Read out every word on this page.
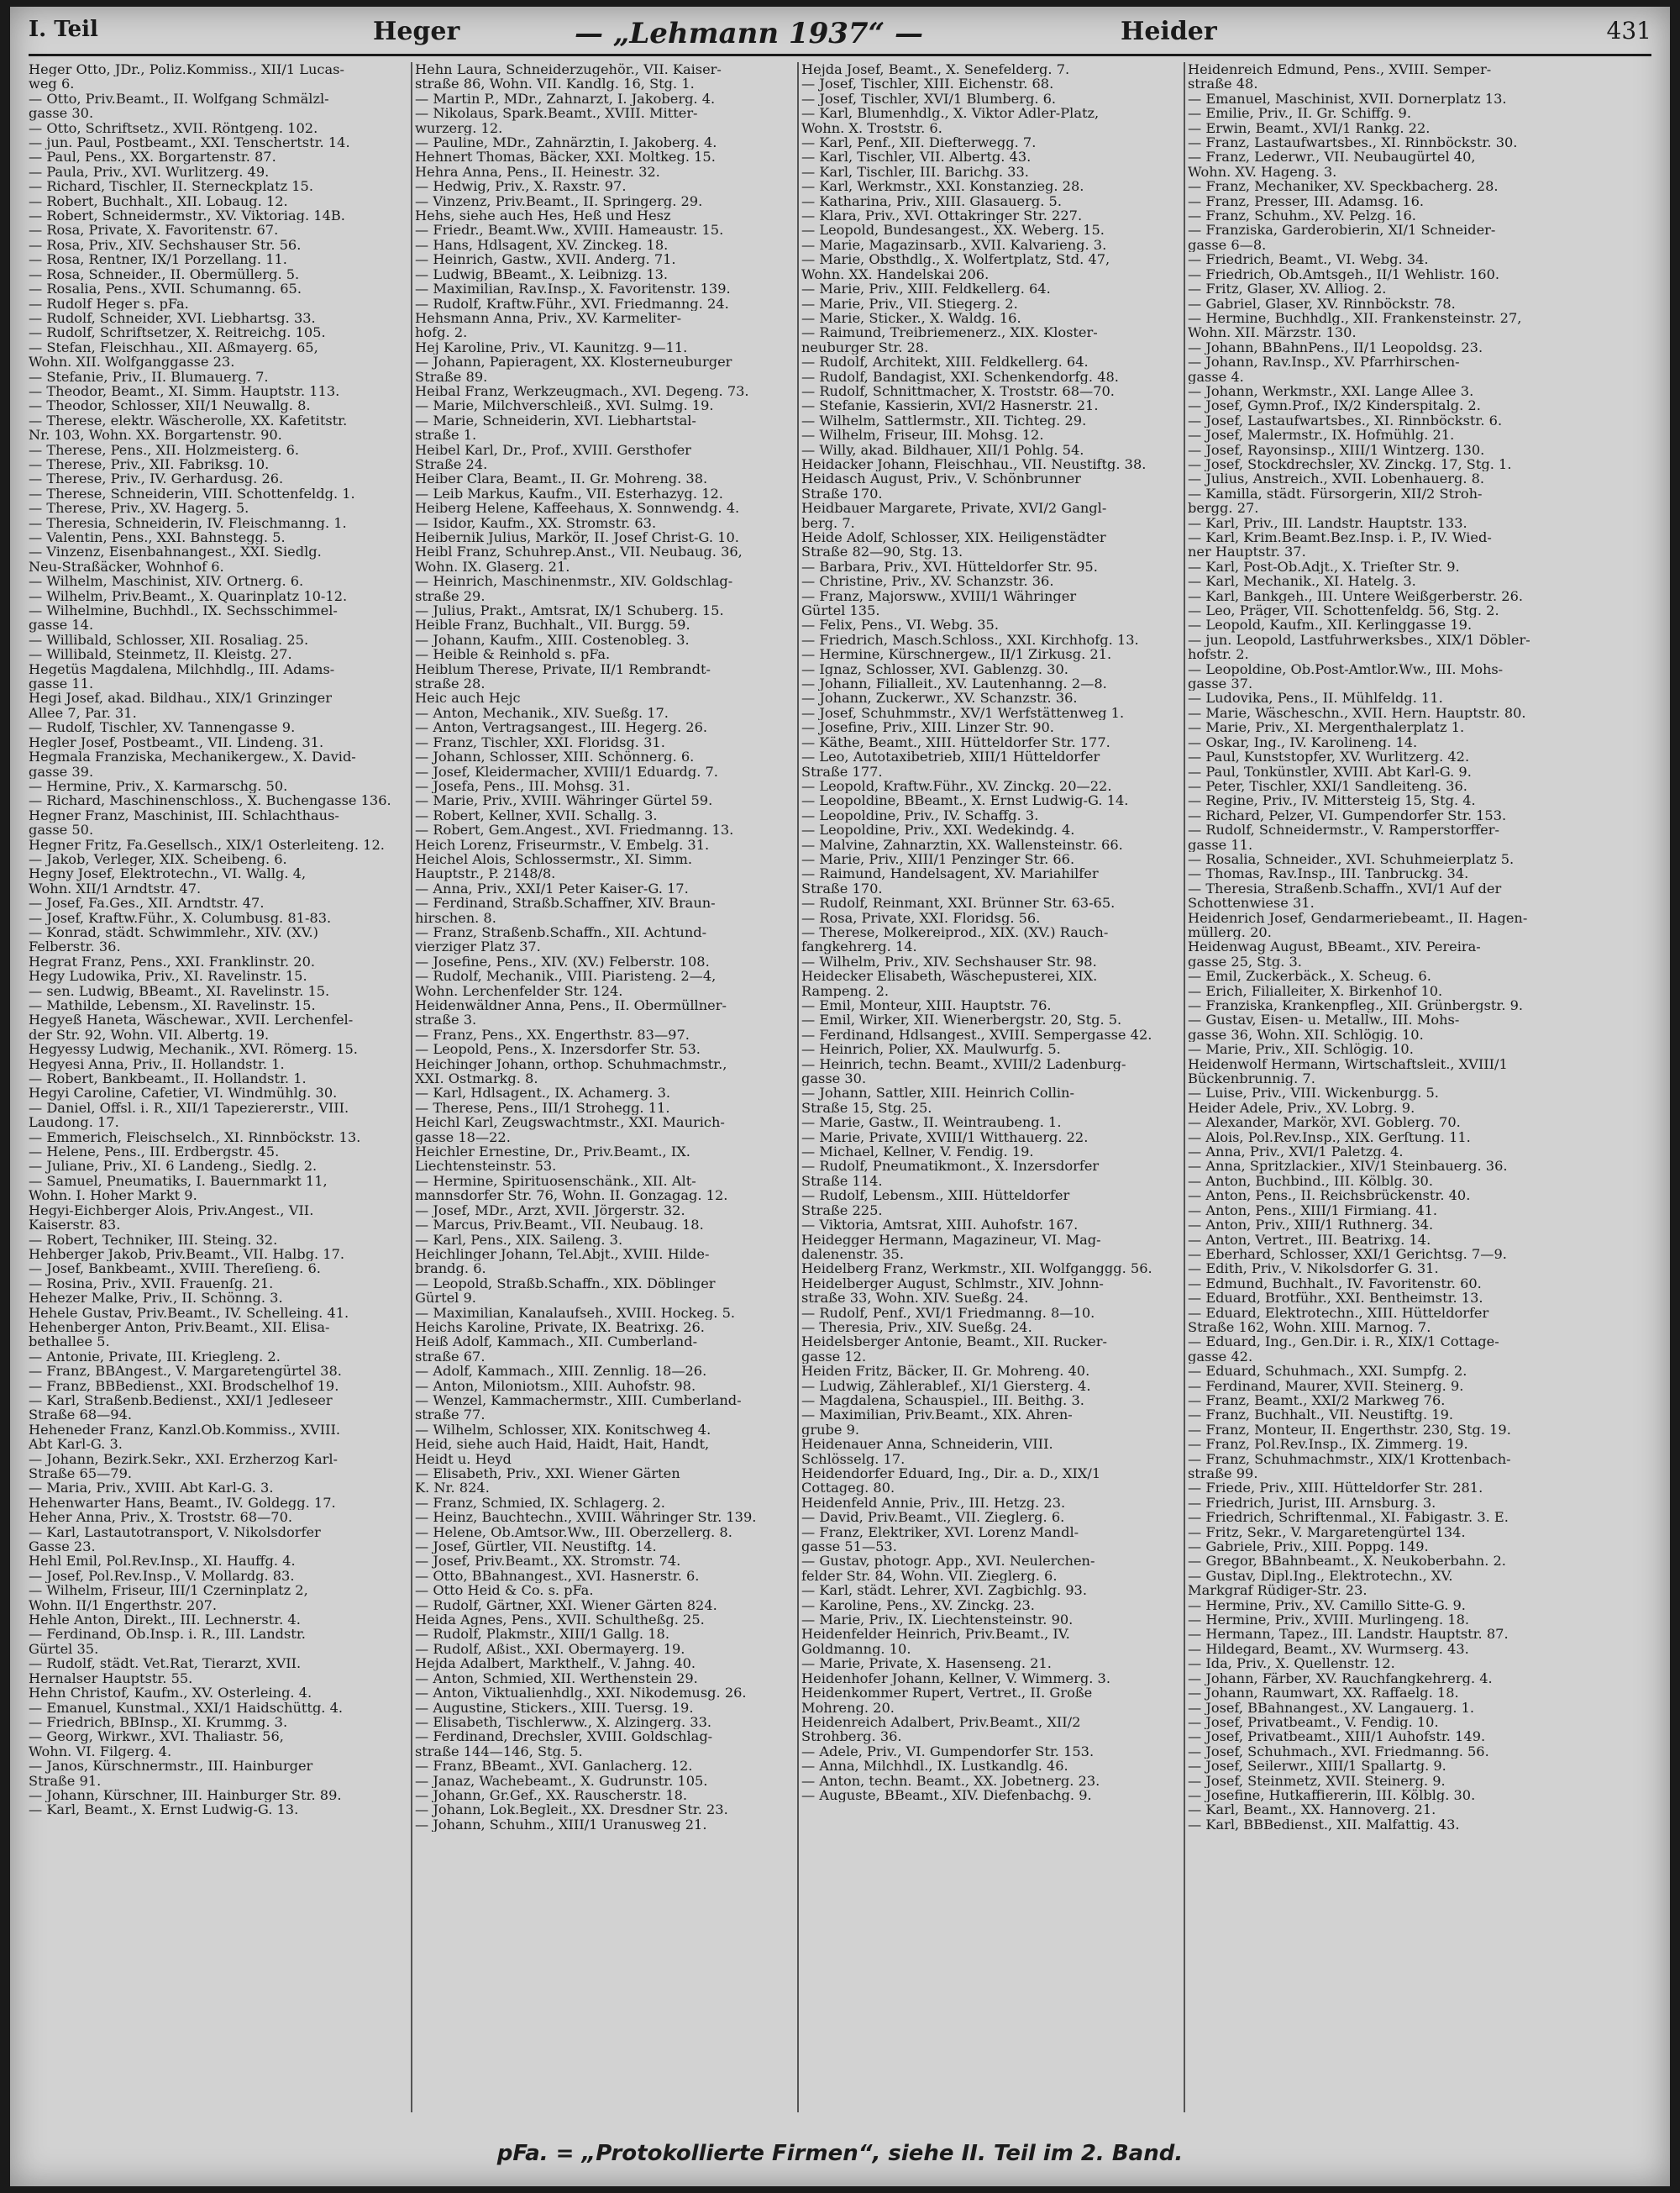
I. Teil	Heger	— „Lehmann 1937“ —	Heider	431
Heger Otto, JDr., Poliz.Kommiss., XII/1 Lucas-
weg 6.
— Otto, Priv.Beamt., II. Wolfgang Schmälzl-
gasse 30.
— Otto, Schriftsetz., XVII. Röntgeng. 102.
— jun. Paul, Postbeamt., XXI. Tenschertstr. 14.
— Paul, Pens., XX. Borgartenstr. 87.
— Paula, Priv., XVI. Wurlitzerg. 49.
— Richard, Tischler, II. Sterneckplatz 15.
— Robert, Buchhalt., XII. Lobaug. 12.
— Robert, Schneidermstr., XV. Viktoriag. 14B.
— Rosa, Private, X. Favoritenstr. 67.
— Rosa, Priv., XIV. Sechshauser Str. 56.
— Rosa, Rentner, IX/1 Porzellang. 11.
— Rosa, Schneider., II. Obermüllerg. 5.
— Rosalia, Pens., XVII. Schumanng. 65.
— Rudolf Heger s. pFa.
— Rudolf, Schneider, XVI. Liebhartsg. 33.
— Rudolf, Schriftsetzer, X. Reitreichg. 105.
— Stefan, Fleischhau., XII. Aßmayerg. 65,
Wohn. XII. Wolfganggasse 23.
— Stefanie, Priv., II. Blumauerg. 7.
— Theodor, Beamt., XI. Simm. Hauptstr. 113.
— Theodor, Schlosser, XII/1 Neuwallg. 8.
— Therese, elektr. Wäscherolle, XX. Kafetitstr.
Nr. 103, Wohn. XX. Borgartenstr. 90.
— Therese, Pens., XII. Holzmeisterg. 6.
— Therese, Priv., XII. Fabriksg. 10.
— Therese, Priv., IV. Gerhardusg. 26.
— Therese, Schneiderin, VIII. Schottenfeldg. 1.
— Therese, Priv., XV. Hagerg. 5.
— Theresia, Schneiderin, IV. Fleischmanng. 1.
— Valentin, Pens., XXI. Bahnstegg. 5.
— Vinzenz, Eisenbahnangest., XXI. Siedlg.
Neu-Straßäcker, Wohnhof 6.
— Wilhelm, Maschinist, XIV. Ortnerg. 6.
— Wilhelm, Priv.Beamt., X. Quarinplatz 10-12.
— Wilhelmine, Buchhdl., IX. Sechsschimmel-
gasse 14.
— Willibald, Schlosser, XII. Rosaliag. 25.
— Willibald, Steinmetz, II. Kleistg. 27.
Hegetüs Magdalena, Milchhdlg., III. Adams-
gasse 11.
Hegi Josef, akad. Bildhau., XIX/1 Grinzinger
Allee 7, Par. 31.
— Rudolf, Tischler, XV. Tannengasse 9.
Hegler Josef, Postbeamt., VII. Lindeng. 31.
Hegmala Franziska, Mechanikergew., X. David-
gasse 39.
— Hermine, Priv., X. Karmarschg. 50.
— Richard, Maschinenschloss., X. Buchengasse 136.
Hegner Franz, Maschinist, III. Schlachthaus-
gasse 50.
Hegner Fritz, Fa.Gesellsch., XIX/1 Osterleiteng. 12.
— Jakob, Verleger, XIX. Scheibeng. 6.
Hegny Josef, Elektrotechn., VI. Wallg. 4,
Wohn. XII/1 Arndtstr. 47.
— Josef, Fa.Ges., XII. Arndtstr. 47.
— Josef, Kraftw.Führ., X. Columbusg. 81-83.
— Konrad, städt. Schwimmlehr., XIV. (XV.)
Felberstr. 36.
Hegrat Franz, Pens., XXI. Franklinstr. 20.
Hegy Ludowika, Priv., XI. Ravelinstr. 15.
— sen. Ludwig, BBeamt., XI. Ravelinstr. 15.
— Mathilde, Lebensm., XI. Ravelinstr. 15.
Hegyeß Haneta, Wäschewar., XVII. Lerchenfel-
der Str. 92, Wohn. VII. Albertg. 19.
Hegyessy Ludwig, Mechanik., XVI. Römerg. 15.
Hegyesi Anna, Priv., II. Hollandstr. 1.
— Robert, Bankbeamt., II. Hollandstr. 1.
Hegyi Caroline, Cafetier, VI. Windmühlg. 30.
— Daniel, Offsl. i. R., XII/1 Tapeziererstr., VIII.
Laudong. 17.
— Emmerich, Fleischselch., XI. Rinnböckstr. 13.
— Helene, Pens., III. Erdbergstr. 45.
— Juliane, Priv., XI. 6 Landeng., Siedlg. 2.
— Samuel, Pneumatiks, I. Bauernmarkt 11,
Wohn. I. Hoher Markt 9.
Hegyi-Eichberger Alois, Priv.Angest., VII.
Kaiserstr. 83.
— Robert, Techniker, III. Steing. 32.
Hehberger Jakob, Priv.Beamt., VII. Halbg. 17.
— Josef, Bankbeamt., XVIII. Thereſieng. 6.
— Rosina, Priv., XVII. Frauenſg. 21.
Hehezer Malke, Priv., II. Schönng. 3.
Hehele Gustav, Priv.Beamt., IV. Schelleing. 41.
Hehenberger Anton, Priv.Beamt., XII. Elisa-
bethallee 5.
— Antonie, Private, III. Kriegleng. 2.
— Franz, BBAngest., V. Margaretengürtel 38.
— Franz, BBBedienst., XXI. Brodschelhof 19.
— Karl, Straßenb.Bedienst., XXI/1 Jedleseer
Straße 68—94.
Heheneder Franz, Kanzl.Ob.Kommiss., XVIII.
Abt Karl-G. 3.
— Johann, Bezirk.Sekr., XXI. Erzherzog Karl-
Straße 65—79.
— Maria, Priv., XVIII. Abt Karl-G. 3.
Hehenwarter Hans, Beamt., IV. Goldegg. 17.
Heher Anna, Priv., X. Troststr. 68—70.
— Karl, Lastautotransport, V. Nikolsdorfer
Gasse 23.
Hehl Emil, Pol.Rev.Insp., XI. Hauffg. 4.
— Josef, Pol.Rev.Insp., V. Mollardg. 83.
— Wilhelm, Friseur, III/1 Czerninplatz 2,
Wohn. II/1 Engerthstr. 207.
Hehle Anton, Direkt., III. Lechnerstr. 4.
— Ferdinand, Ob.Insp. i. R., III. Landstr.
Gürtel 35.
— Rudolf, städt. Vet.Rat, Tierarzt, XVII.
Hernalser Hauptstr. 55.
Hehn Christof, Kaufm., XV. Osterleing. 4.
— Emanuel, Kunstmal., XXI/1 Haidschüttg. 4.
— Friedrich, BBInsp., XI. Krummg. 3.
— Georg, Wirkwr., XVI. Thaliastr. 56,
Wohn. VI. Filgerg. 4.
— Janos, Kürschnermstr., III. Hainburger
Straße 91.
— Johann, Kürschner, III. Hainburger Str. 89.
— Karl, Beamt., X. Ernst Ludwig-G. 13.
Hehn Laura, Schneiderzugehör., VII. Kaiser-
straße 86, Wohn. VII. Kandlg. 16, Stg. 1.
— Martin P., MDr., Zahnarzt, I. Jakoberg. 4.
— Nikolaus, Spark.Beamt., XVIII. Mitter-
wurzerg. 12.
— Pauline, MDr., Zahnärztin, I. Jakoberg. 4.
Hehnert Thomas, Bäcker, XXI. Moltkeg. 15.
Hehra Anna, Pens., II. Heinestr. 32.
— Hedwig, Priv., X. Raxstr. 97.
— Vinzenz, Priv.Beamt., II. Springerg. 29.
Hehs, siehe auch Hes, Heß und Hesz
— Friedr., Beamt.Ww., XVIII. Hameaustr. 15.
— Hans, Hdlsagent, XV. Zinckeg. 18.
— Heinrich, Gastw., XVII. Anderg. 71.
— Ludwig, BBeamt., X. Leibnizg. 13.
— Maximilian, Rav.Insp., X. Favoritenstr. 139.
— Rudolf, Kraftw.Führ., XVI. Friedmanng. 24.
Hehsmann Anna, Priv., XV. Karmeliter-
hofg. 2.
Hej Karoline, Priv., VI. Kaunitzg. 9—11.
— Johann, Papieragent, XX. Klosterneuburger
Straße 89.
Heibal Franz, Werkzeugmach., XVI. Degeng. 73.
— Marie, Milchverschleiß., XVI. Sulmg. 19.
— Marie, Schneiderin, XVI. Liebhartstal-
straße 1.
Heibel Karl, Dr., Prof., XVIII. Gersthofer
Straße 24.
Heiber Clara, Beamt., II. Gr. Mohreng. 38.
— Leib Markus, Kaufm., VII. Esterhazyg. 12.
Heiberg Helene, Kaffeehaus, X. Sonnwendg. 4.
— Isidor, Kaufm., XX. Stromstr. 63.
Heibernik Julius, Markör, II. Josef Christ-G. 10.
Heibl Franz, Schuhrep.Anst., VII. Neubaug. 36,
Wohn. IX. Glaserg. 21.
— Heinrich, Maschinenmstr., XIV. Goldschlag-
straße 29.
— Julius, Prakt., Amtsrat, IX/1 Schuberg. 15.
Heible Franz, Buchhalt., VII. Burgg. 59.
— Johann, Kaufm., XIII. Costenobleg. 3.
— Heible & Reinhold s. pFa.
Heiblum Therese, Private, II/1 Rembrandt-
straße 28.
Heic auch Hejc
— Anton, Mechanik., XIV. Sueßg. 17.
— Anton, Vertragsangest., III. Hegerg. 26.
— Franz, Tischler, XXI. Floridsg. 31.
— Johann, Schlosser, XIII. Schönnerg. 6.
— Josef, Kleidermacher, XVIII/1 Eduardg. 7.
— Josefa, Pens., III. Mohsg. 31.
— Marie, Priv., XVIII. Währinger Gürtel 59.
— Robert, Kellner, XVII. Schallg. 3.
— Robert, Gem.Angest., XVI. Friedmanng. 13.
Heich Lorenz, Friseurmstr., V. Embelg. 31.
Heichel Alois, Schlossermstr., XI. Simm.
Hauptstr., P. 2148/8.
— Anna, Priv., XXI/1 Peter Kaiser-G. 17.
— Ferdinand, Straßb.Schaffner, XIV. Braun-
hirschen. 8.
— Franz, Straßenb.Schaffn., XII. Achtund-
vierziger Platz 37.
— Josefine, Pens., XIV. (XV.) Felberstr. 108.
— Rudolf, Mechanik., VIII. Piaristeng. 2—4,
Wohn. Lerchenfelder Str. 124.
Heidenwäldner Anna, Pens., II. Obermüllner-
straße 3.
— Franz, Pens., XX. Engerthstr. 83—97.
— Leopold, Pens., X. Inzersdorfer Str. 53.
Heichinger Johann, orthop. Schuhmachmstr.,
XXI. Ostmarkg. 8.
— Karl, Hdlsagent., IX. Achamerg. 3.
— Therese, Pens., III/1 Strohegg. 11.
Heichl Karl, Zeugswachtmstr., XXI. Maurich-
gasse 18—22.
Heichler Ernestine, Dr., Priv.Beamt., IX.
Liechtensteinstr. 53.
— Hermine, Spirituosenschänk., XII. Alt-
mannsdorfer Str. 76, Wohn. II. Gonzagag. 12.
— Josef, MDr., Arzt, XVII. Jörgerstr. 32.
— Marcus, Priv.Beamt., VII. Neubaug. 18.
— Karl, Pens., XIX. Saileng. 3.
Heichlinger Johann, Tel.Abjt., XVIII. Hilde-
brandg. 6.
— Leopold, Straßb.Schaffn., XIX. Döblinger
Gürtel 9.
— Maximilian, Kanalaufseh., XVIII. Hockeg. 5.
Heichs Karoline, Private, IX. Beatrixg. 26.
Heiß Adolf, Kammach., XII. Cumberland-
straße 67.
— Adolf, Kammach., XIII. Zennlig. 18—26.
— Anton, Miloniotsm., XIII. Auhofstr. 98.
— Wenzel, Kammachermstr., XIII. Cumberland-
straße 77.
— Wilhelm, Schlosser, XIX. Konitschweg 4.
Heid, siehe auch Haid, Haidt, Hait, Handt,
Heidt u. Heyd
— Elisabeth, Priv., XXI. Wiener Gärten
K. Nr. 824.
— Franz, Schmied, IX. Schlagerg. 2.
— Heinz, Bauchtechn., XVIII. Währinger Str. 139.
— Helene, Ob.Amtsor.Ww., III. Oberzellerg. 8.
— Josef, Gürtler, VII. Neustiftg. 14.
— Josef, Priv.Beamt., XX. Stromstr. 74.
— Otto, BBahnangest., XVI. Hasnerstr. 6.
— Otto Heid & Co. s. pFa.
— Rudolf, Gärtner, XXI. Wiener Gärten 824.
Heida Agnes, Pens., XVII. Schultheßg. 25.
— Rudolf, Plakmstr., XIII/1 Gallg. 18.
— Rudolf, Aßist., XXI. Obermayerg. 19.
Hejda Adalbert, Markthelf., V. Jahng. 40.
— Anton, Schmied, XII. Werthenstein 29.
— Anton, Viktualienhdlg., XXI. Nikodemusg. 26.
— Augustine, Stickers., XIII. Tuersg. 19.
— Elisabeth, Tischlerww., X. Alzingerg. 33.
— Ferdinand, Drechsler, XVIII. Goldschlag-
straße 144—146, Stg. 5.
— Franz, BBeamt., XVI. Ganlacherg. 12.
— Janaz, Wachebeamt., X. Gudrunstr. 105.
— Johann, Gr.Gef., XX. Rauscherstr. 18.
— Johann, Lok.Begleit., XX. Dresdner Str. 23.
— Johann, Schuhm., XIII/1 Uranusweg 21.
Hejda Josef, Beamt., X. Senefelderg. 7.
— Josef, Tischler, XIII. Eichenstr. 68.
— Josef, Tischler, XVI/1 Blumberg. 6.
— Karl, Blumenhdlg., X. Viktor Adler-Platz,
Wohn. X. Troststr. 6.
— Karl, Penf., XII. Diefterwegg. 7.
— Karl, Tischler, VII. Albertg. 43.
— Karl, Tischler, III. Barichg. 33.
— Karl, Werkmstr., XXI. Konstanzieg. 28.
— Katharina, Priv., XIII. Glasauerg. 5.
— Klara, Priv., XVI. Ottakringer Str. 227.
— Leopold, Bundesangest., XX. Weberg. 15.
— Marie, Magazinsarb., XVII. Kalvarieng. 3.
— Marie, Obsthdlg., X. Wolfertplatz, Std. 47,
Wohn. XX. Handelskai 206.
— Marie, Priv., XIII. Feldkellerg. 64.
— Marie, Priv., VII. Stiegerg. 2.
— Marie, Sticker., X. Waldg. 16.
— Raimund, Treibriemenerz., XIX. Kloster-
neuburger Str. 28.
— Rudolf, Architekt, XIII. Feldkellerg. 64.
— Rudolf, Bandagist, XXI. Schenkendorfg. 48.
— Rudolf, Schnittmacher, X. Troststr. 68—70.
— Stefanie, Kassierin, XVI/2 Hasnerstr. 21.
— Wilhelm, Sattlermstr., XII. Tichteg. 29.
— Wilhelm, Friseur, III. Mohsg. 12.
— Willy, akad. Bildhauer, XII/1 Pohlg. 54.
Heidacker Johann, Fleischhau., VII. Neustiftg. 38.
Heidasch August, Priv., V. Schönbrunner
Straße 170.
Heidbauer Margarete, Private, XVI/2 Gangl-
berg. 7.
Heide Adolf, Schlosser, XIX. Heiligenstädter
Straße 82—90, Stg. 13.
— Barbara, Priv., XVI. Hütteldorfer Str. 95.
— Christine, Priv., XV. Schanzstr. 36.
— Franz, Majorsww., XVIII/1 Währinger
Gürtel 135.
— Felix, Pens., VI. Webg. 35.
— Friedrich, Masch.Schloss., XXI. Kirchhofg. 13.
— Hermine, Kürschnergew., II/1 Zirkusg. 21.
— Ignaz, Schlosser, XVI. Gablenzg. 30.
— Johann, Filialleit., XV. Lautenhanng. 2—8.
— Johann, Zuckerwr., XV. Schanzstr. 36.
— Josef, Schuhmmstr., XV/1 Werfstättenweg 1.
— Josefine, Priv., XIII. Linzer Str. 90.
— Käthe, Beamt., XIII. Hütteldorfer Str. 177.
— Leo, Autotaxibetrieb, XIII/1 Hütteldorfer
Straße 177.
— Leopold, Kraftw.Führ., XV. Zinckg. 20—22.
— Leopoldine, BBeamt., X. Ernst Ludwig-G. 14.
— Leopoldine, Priv., IV. Schaffg. 3.
— Leopoldine, Priv., XXI. Wedekindg. 4.
— Malvine, Zahnarztin, XX. Wallensteinstr. 66.
— Marie, Priv., XIII/1 Penzinger Str. 66.
— Raimund, Handelsagent, XV. Mariahilfer
Straße 170.
— Rudolf, Reinmant, XXI. Brünner Str. 63-65.
— Rosa, Private, XXI. Floridsg. 56.
— Therese, Molkereiprod., XIX. (XV.) Rauch-
fangkehrerg. 14.
— Wilhelm, Priv., XIV. Sechshauser Str. 98.
Heidecker Elisabeth, Wäschepusterei, XIX.
Rampeng. 2.
— Emil, Monteur, XIII. Hauptstr. 76.
— Emil, Wirker, XII. Wienerbergstr. 20, Stg. 5.
— Ferdinand, Hdlsangest., XVIII. Sempergasse 42.
— Heinrich, Polier, XX. Maulwurfg. 5.
— Heinrich, techn. Beamt., XVIII/2 Ladenburg-
gasse 30.
— Johann, Sattler, XIII. Heinrich Collin-
Straße 15, Stg. 25.
— Marie, Gastw., II. Weintraubeng. 1.
— Marie, Private, XVIII/1 Witthauerg. 22.
— Michael, Kellner, V. Fendig. 19.
— Rudolf, Pneumatikmont., X. Inzersdorfer
Straße 114.
— Rudolf, Lebensm., XIII. Hütteldorfer
Straße 225.
— Viktoria, Amtsrat, XIII. Auhofstr. 167.
Heidegger Hermann, Magazineur, VI. Mag-
dalenenstr. 35.
Heidelberg Franz, Werkmstr., XII. Wolfganggg. 56.
Heidelberger August, Schlmstr., XIV. Johnn-
straße 33, Wohn. XIV. Sueßg. 24.
— Rudolf, Penf., XVI/1 Friedmanng. 8—10.
— Theresia, Priv., XIV. Sueßg. 24.
Heidelsberger Antonie, Beamt., XII. Rucker-
gasse 12.
Heiden Fritz, Bäcker, II. Gr. Mohreng. 40.
— Ludwig, Zählerablef., XI/1 Giersterg. 4.
— Magdalena, Schauspiel., III. Beithg. 3.
— Maximilian, Priv.Beamt., XIX. Ahren-
grube 9.
Heidenauer Anna, Schneiderin, VIII.
Schlösselg. 17.
Heidendorfer Eduard, Ing., Dir. a. D., XIX/1
Cottageg. 80.
Heidenfeld Annie, Priv., III. Hetzg. 23.
— David, Priv.Beamt., VII. Zieglerg. 6.
— Franz, Elektriker, XVI. Lorenz Mandl-
gasse 51—53.
— Gustav, photogr. App., XVI. Neulerchen-
felder Str. 84, Wohn. VII. Zieglerg. 6.
— Karl, städt. Lehrer, XVI. Zagbichlg. 93.
— Karoline, Pens., XV. Zinckg. 23.
— Marie, Priv., IX. Liechtensteinstr. 90.
Heidenfelder Heinrich, Priv.Beamt., IV.
Goldmanng. 10.
— Marie, Private, X. Hasenseng. 21.
Heidenhofer Johann, Kellner, V. Wimmerg. 3.
Heidenkommer Rupert, Vertret., II. Große
Mohreng. 20.
Heidenreich Adalbert, Priv.Beamt., XII/2
Strohberg. 36.
— Adele, Priv., VI. Gumpendorfer Str. 153.
— Anna, Milchhdl., IX. Lustkandlg. 46.
— Anton, techn. Beamt., XX. Jobetnerg. 23.
— Auguste, BBeamt., XIV. Diefenbachg. 9.
Heidenreich Edmund, Pens., XVIII. Semper-
straße 48.
— Emanuel, Maschinist, XVII. Dornerplatz 13.
— Emilie, Priv., II. Gr. Schiffg. 9.
— Erwin, Beamt., XVI/1 Rankg. 22.
— Franz, Lastaufwartsbes., XI. Rinnböckstr. 30.
— Franz, Lederwr., VII. Neubaugürtel 40,
Wohn. XV. Hageng. 3.
— Franz, Mechaniker, XV. Speckbacherg. 28.
— Franz, Presser, III. Adamsg. 16.
— Franz, Schuhm., XV. Pelzg. 16.
— Franziska, Garderobierin, XI/1 Schneider-
gasse 6—8.
— Friedrich, Beamt., VI. Webg. 34.
— Friedrich, Ob.Amtsgeh., II/1 Wehlistr. 160.
— Fritz, Glaser, XV. Alliog. 2.
— Gabriel, Glaser, XV. Rinnböckstr. 78.
— Hermine, Buchhdlg., XII. Frankensteinstr. 27,
Wohn. XII. Märzstr. 130.
— Johann, BBahnPens., II/1 Leopoldsg. 23.
— Johann, Rav.Insp., XV. Pfarrhirschen-
gasse 4.
— Johann, Werkmstr., XXI. Lange Allee 3.
— Josef, Gymn.Prof., IX/2 Kinderspitalg. 2.
— Josef, Lastaufwartsbes., XI. Rinnböckstr. 6.
— Josef, Malermstr., IX. Hofmühlg. 21.
— Josef, Rayonsinsp., XIII/1 Wintzerg. 130.
— Josef, Stockdrechsler, XV. Zinckg. 17, Stg. 1.
— Julius, Anstreich., XVII. Lobenhauerg. 8.
— Kamilla, städt. Fürsorgerin, XII/2 Stroh-
bergg. 27.
— Karl, Priv., III. Landstr. Hauptstr. 133.
— Karl, Krim.Beamt.Bez.Insp. i. P., IV. Wied-
ner Hauptstr. 37.
— Karl, Post-Ob.Adjt., X. Trieſter Str. 9.
— Karl, Mechanik., XI. Hatelg. 3.
— Karl, Bankgeh., III. Untere Weißgerberstr. 26.
— Leo, Präger, VII. Schottenfeldg. 56, Stg. 2.
— Leopold, Kaufm., XII. Kerlinggasse 19.
— jun. Leopold, Lastfuhrwerksbes., XIX/1 Döbler-
hofstr. 2.
— Leopoldine, Ob.Post-Amtlor.Ww., III. Mohs-
gasse 37.
— Ludovika, Pens., II. Mühlfeldg. 11.
— Marie, Wäscheschn., XVII. Hern. Hauptstr. 80.
— Marie, Priv., XI. Mergenthalerplatz 1.
— Oskar, Ing., IV. Karolineng. 14.
— Paul, Kunststopfer, XV. Wurlitzerg. 42.
— Paul, Tonkünstler, XVIII. Abt Karl-G. 9.
— Peter, Tischler, XXI/1 Sandleiteng. 36.
— Regine, Priv., IV. Mittersteig 15, Stg. 4.
— Richard, Pelzer, VI. Gumpendorfer Str. 153.
— Rudolf, Schneidermstr., V. Ramperstorffer-
gasse 11.
— Rosalia, Schneider., XVI. Schuhmeierplatz 5.
— Thomas, Rav.Insp., III. Tanbruckg. 34.
— Theresia, Straßenb.Schaffn., XVI/1 Auf der
Schottenwiese 31.
Heidenrich Josef, Gendarmeriebeamt., II. Hagen-
müllerg. 20.
Heidenwag August, BBeamt., XIV. Pereira-
gasse 25, Stg. 3.
— Emil, Zuckerbäck., X. Scheug. 6.
— Erich, Filialleiter, X. Birkenhof 10.
— Franziska, Krankenpfleg., XII. Grünbergstr. 9.
— Gustav, Eisen- u. Metallw., III. Mohs-
gasse 36, Wohn. XII. Schlögig. 10.
— Marie, Priv., XII. Schlögig. 10.
Heidenwolf Hermann, Wirtschaftsleit., XVIII/1
Bückenbrunnig. 7.
— Luise, Priv., VIII. Wickenburgg. 5.
Heider Adele, Priv., XV. Lobrg. 9.
— Alexander, Markör, XVI. Goblerg. 70.
— Alois, Pol.Rev.Insp., XIX. Gerſtung. 11.
— Anna, Priv., XVI/1 Paletzg. 4.
— Anna, Spritzlackier., XIV/1 Steinbauerg. 36.
— Anton, Buchbind., III. Kölblg. 30.
— Anton, Pens., II. Reichsbrückenstr. 40.
— Anton, Pens., XIII/1 Firmiang. 41.
— Anton, Priv., XIII/1 Ruthnerg. 34.
— Anton, Vertret., III. Beatrixg. 14.
— Eberhard, Schlosser, XXI/1 Gerichtsg. 7—9.
— Edith, Priv., V. Nikolsdorfer G. 31.
— Edmund, Buchhalt., IV. Favoritenstr. 60.
— Eduard, Brotführ., XXI. Bentheimstr. 13.
— Eduard, Elektrotechn., XIII. Hütteldorfer
Straße 162, Wohn. XIII. Marnog. 7.
— Eduard, Ing., Gen.Dir. i. R., XIX/1 Cottage-
gasse 42.
— Eduard, Schuhmach., XXI. Sumpfg. 2.
— Ferdinand, Maurer, XVII. Steinerg. 9.
— Franz, Beamt., XXI/2 Markweg 76.
— Franz, Buchhalt., VII. Neustiftg. 19.
— Franz, Monteur, II. Engerthstr. 230, Stg. 19.
— Franz, Pol.Rev.Insp., IX. Zimmerg. 19.
— Franz, Schuhmachmstr., XIX/1 Krottenbach-
straße 99.
— Friede, Priv., XIII. Hütteldorfer Str. 281.
— Friedrich, Jurist, III. Arnsburg. 3.
— Friedrich, Schriftenmal., XI. Fabigastr. 3. E.
— Fritz, Sekr., V. Margaretengürtel 134.
— Gabriele, Priv., XIII. Poppg. 149.
— Gregor, BBahnbeamt., X. Neukoberbahn. 2.
— Gustav, Dipl.Ing., Elektrotechn., XV.
Markgraf Rüdiger-Str. 23.
— Hermine, Priv., XV. Camillo Sitte-G. 9.
— Hermine, Priv., XVIII. Murlingeng. 18.
— Hermann, Tapez., III. Landstr. Hauptstr. 87.
— Hildegard, Beamt., XV. Wurmserg. 43.
— Ida, Priv., X. Quellenstr. 12.
— Johann, Färber, XV. Rauchfangkehrerg. 4.
— Johann, Raumwart, XX. Raffaelg. 18.
— Josef, BBahnangest., XV. Langauerg. 1.
— Josef, Privatbeamt., V. Fendig. 10.
— Josef, Privatbeamt., XIII/1 Auhofstr. 149.
— Josef, Schuhmach., XVI. Friedmanng. 56.
— Josef, Seilerwr., XIII/1 Spallartg. 9.
— Josef, Steinmetz, XVII. Steinerg. 9.
— Josefine, Hutkaffiererin, III. Kölblg. 30.
— Karl, Beamt., XX. Hannoverg. 21.
— Karl, BBBedienst., XII. Malfattig. 43.
pFa. = „Protokollierte Firmen“, siehe II. Teil im 2. Band.
